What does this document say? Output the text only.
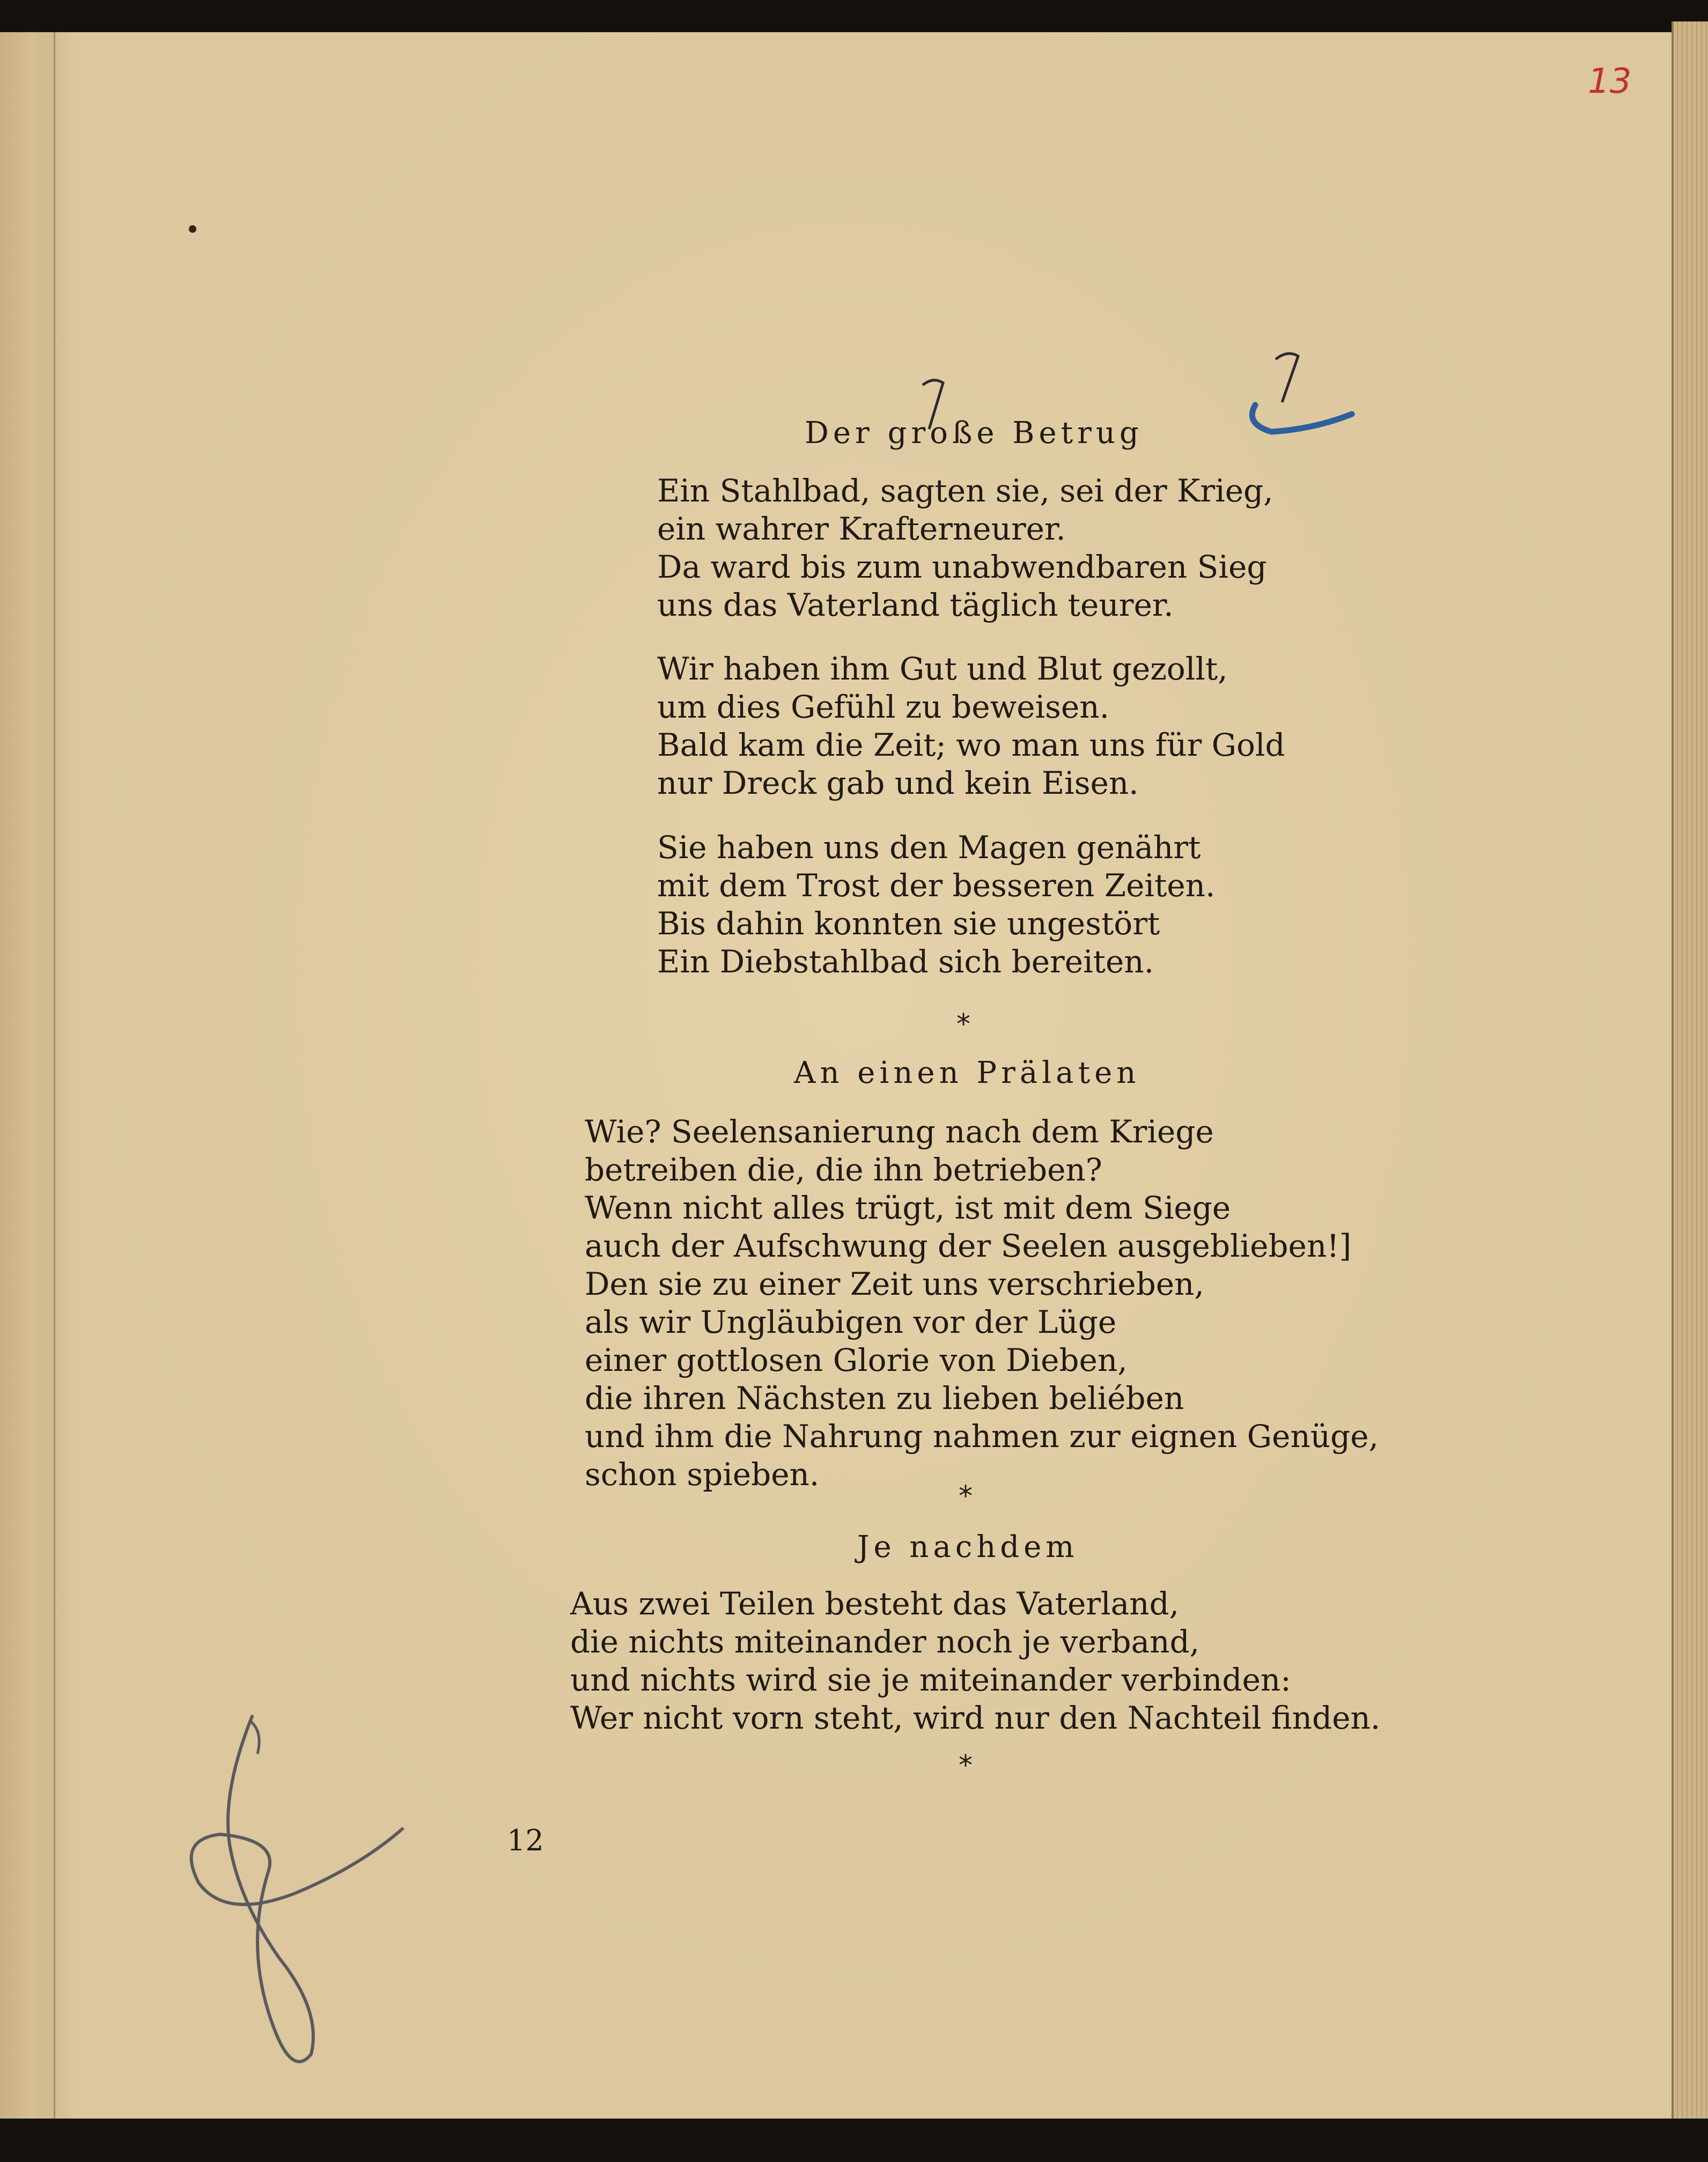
13
Der große Betrug
Ein Stahlbad, sagten sie, sei der Krieg,
ein wahrer Krafterneurer.
Da ward bis zum unabwendbaren Sieg
uns das Vaterland täglich teurer.
Wir haben ihm Gut und Blut gezollt,
um dies Gefühl zu beweisen.
Bald kam die Zeit; wo man uns für Gold
nur Dreck gab und kein Eisen.
Sie haben uns den Magen genährt
mit dem Trost der besseren Zeiten.
Bis dahin konnten sie ungestört
Ein Diebstahlbad sich bereiten.
*
An einen Prälaten
Wie? Seelensanierung nach dem Kriege
betreiben die, die ihn betrieben?
Wenn nicht alles trügt, ist mit dem Siege
auch der Aufschwung der Seelen ausgeblieben!]
Den sie zu einer Zeit uns verschrieben,
als wir Ungläubigen vor der Lüge
einer gottlosen Glorie von Dieben,
die ihren Nächsten zu lieben beliében
und ihm die Nahrung nahmen zur eignen Genüge,
schon spieben.
*
Je nachdem
Aus zwei Teilen besteht das Vaterland,
die nichts miteinander noch je verband,
und nichts wird sie je miteinander verbinden:
Wer nicht vorn steht, wird nur den Nachteil finden.
*
12
